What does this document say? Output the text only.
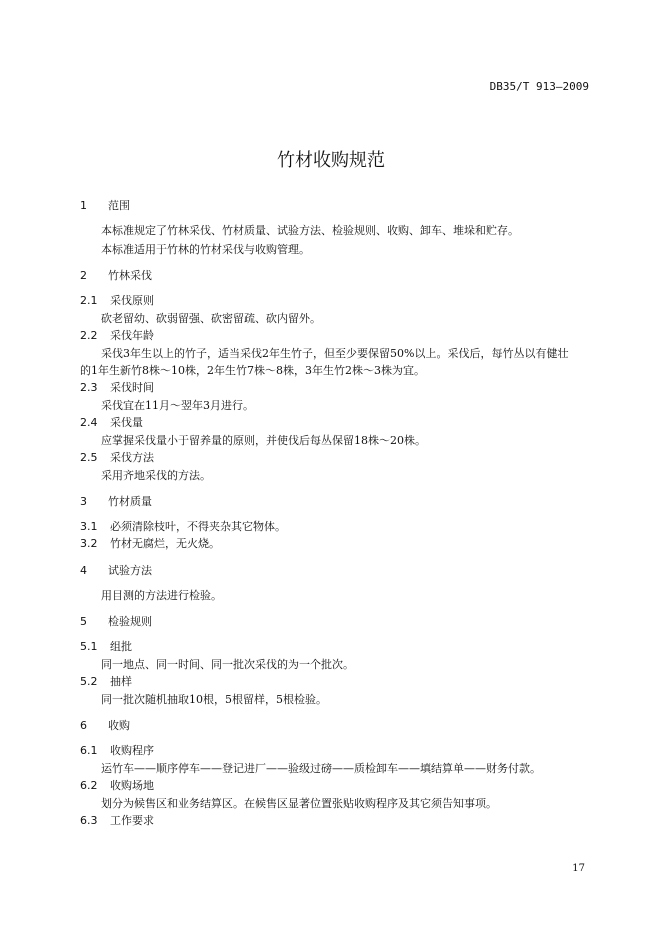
DB35/T 913—2009
竹材收购规范
1 范围
本标准规定了竹林采伐、竹材质量、试验方法、检验规则、收购、卸车、堆垛和贮存。
本标准适用于竹林的竹材采伐与收购管理。
2 竹林采伐
2.1 采伐原则
砍老留幼、砍弱留强、砍密留疏、砍内留外。
2.2 采伐年龄
采伐3年生以上的竹子，适当采伐2年生竹子，但至少要保留50%以上。采伐后，每竹丛以有健壮
的1年生新竹8株～10株，2年生竹7株～8株，3年生竹2株～3株为宜。
2.3 采伐时间
采伐宜在11月～翌年3月进行。
2.4 采伐量
应掌握采伐量小于留养量的原则，并使伐后每丛保留18株～20株。
2.5 采伐方法
采用齐地采伐的方法。
3 竹材质量
3.1 必须清除枝叶，不得夹杂其它物体。
3.2 竹材无腐烂，无火烧。
4 试验方法
用目测的方法进行检验。
5 检验规则
5.1 组批
同一地点、同一时间、同一批次采伐的为一个批次。
5.2 抽样
同一批次随机抽取10根，5根留样，5根检验。
6 收购
6.1 收购程序
运竹车——顺序停车——登记进厂——验级过磅——质检卸车——填结算单——财务付款。
6.2 收购场地
划分为候售区和业务结算区。在候售区显著位置张贴收购程序及其它须告知事项。
6.3 工作要求
17
